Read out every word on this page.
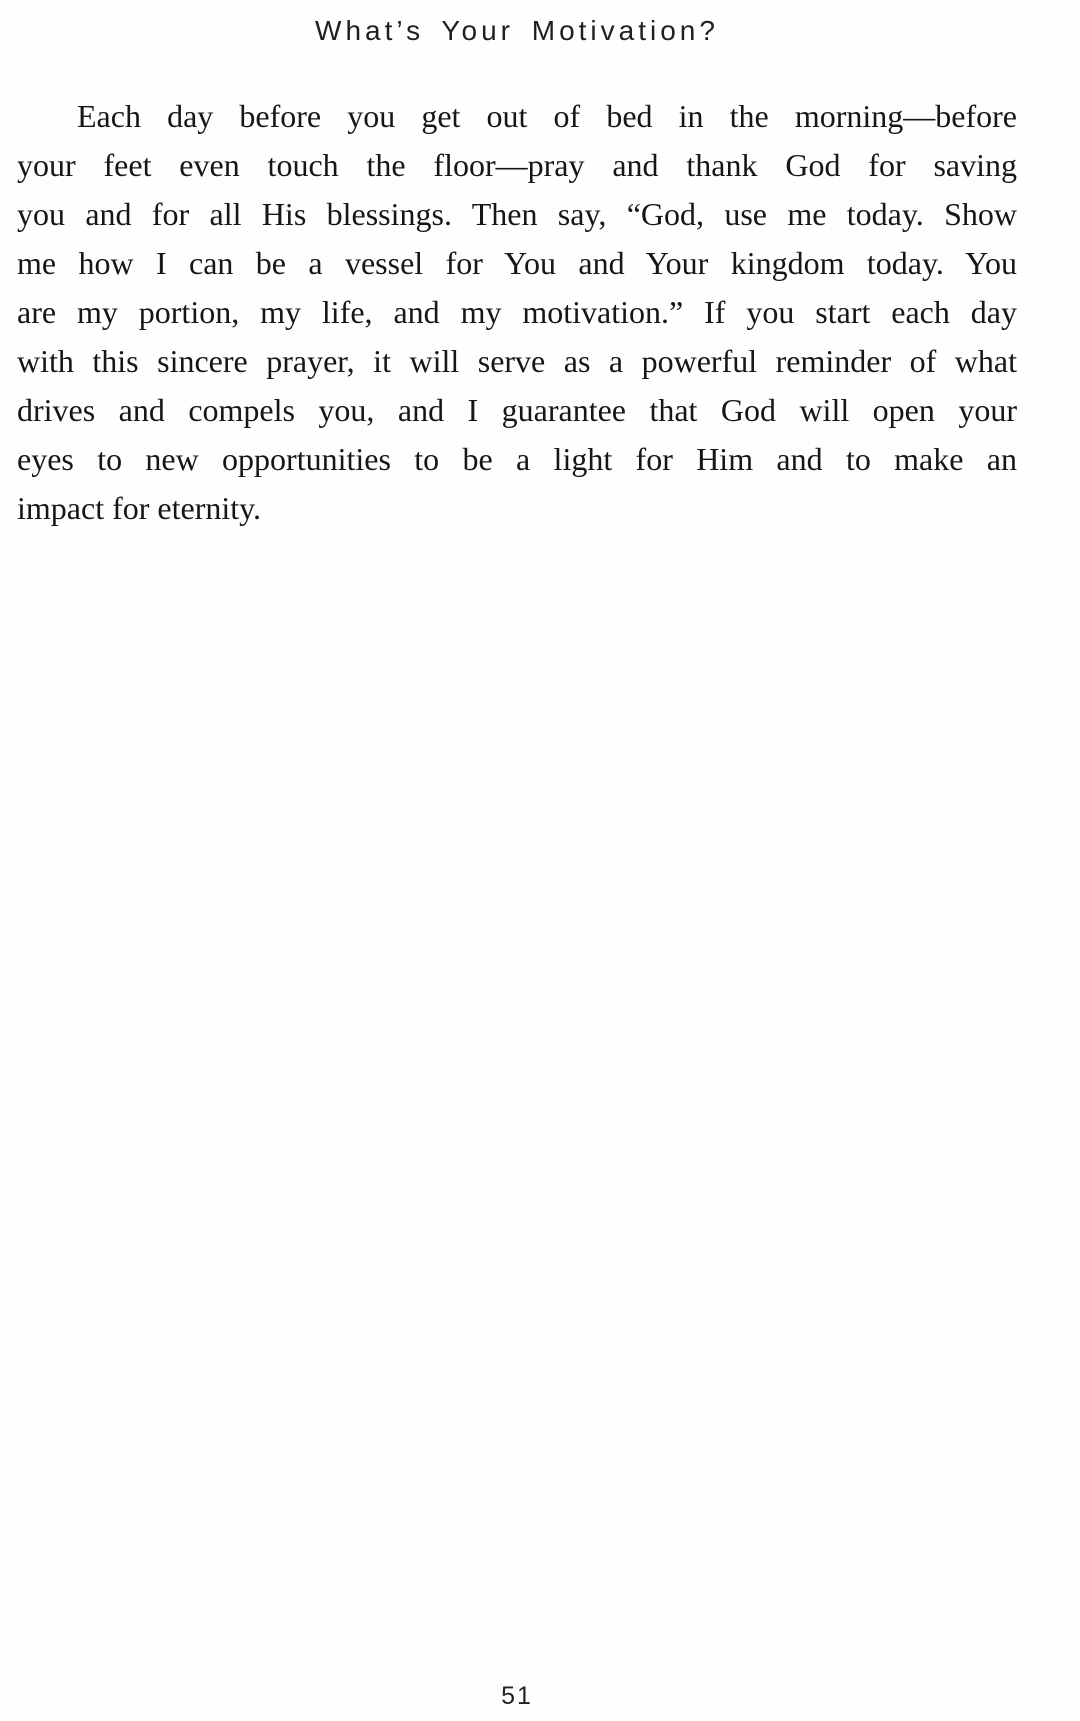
What’s Your Motivation?
Each day before you get out of bed in the morning—before
your feet even touch the floor—pray and thank God for saving
you and for all His blessings. Then say, “God, use me today. Show
me how I can be a vessel for You and Your kingdom today. You
are my portion, my life, and my motivation.” If you start each day
with this sincere prayer, it will serve as a powerful reminder of what
drives and compels you, and I guarantee that God will open your
eyes to new opportunities to be a light for Him and to make an
impact for eternity.
51
